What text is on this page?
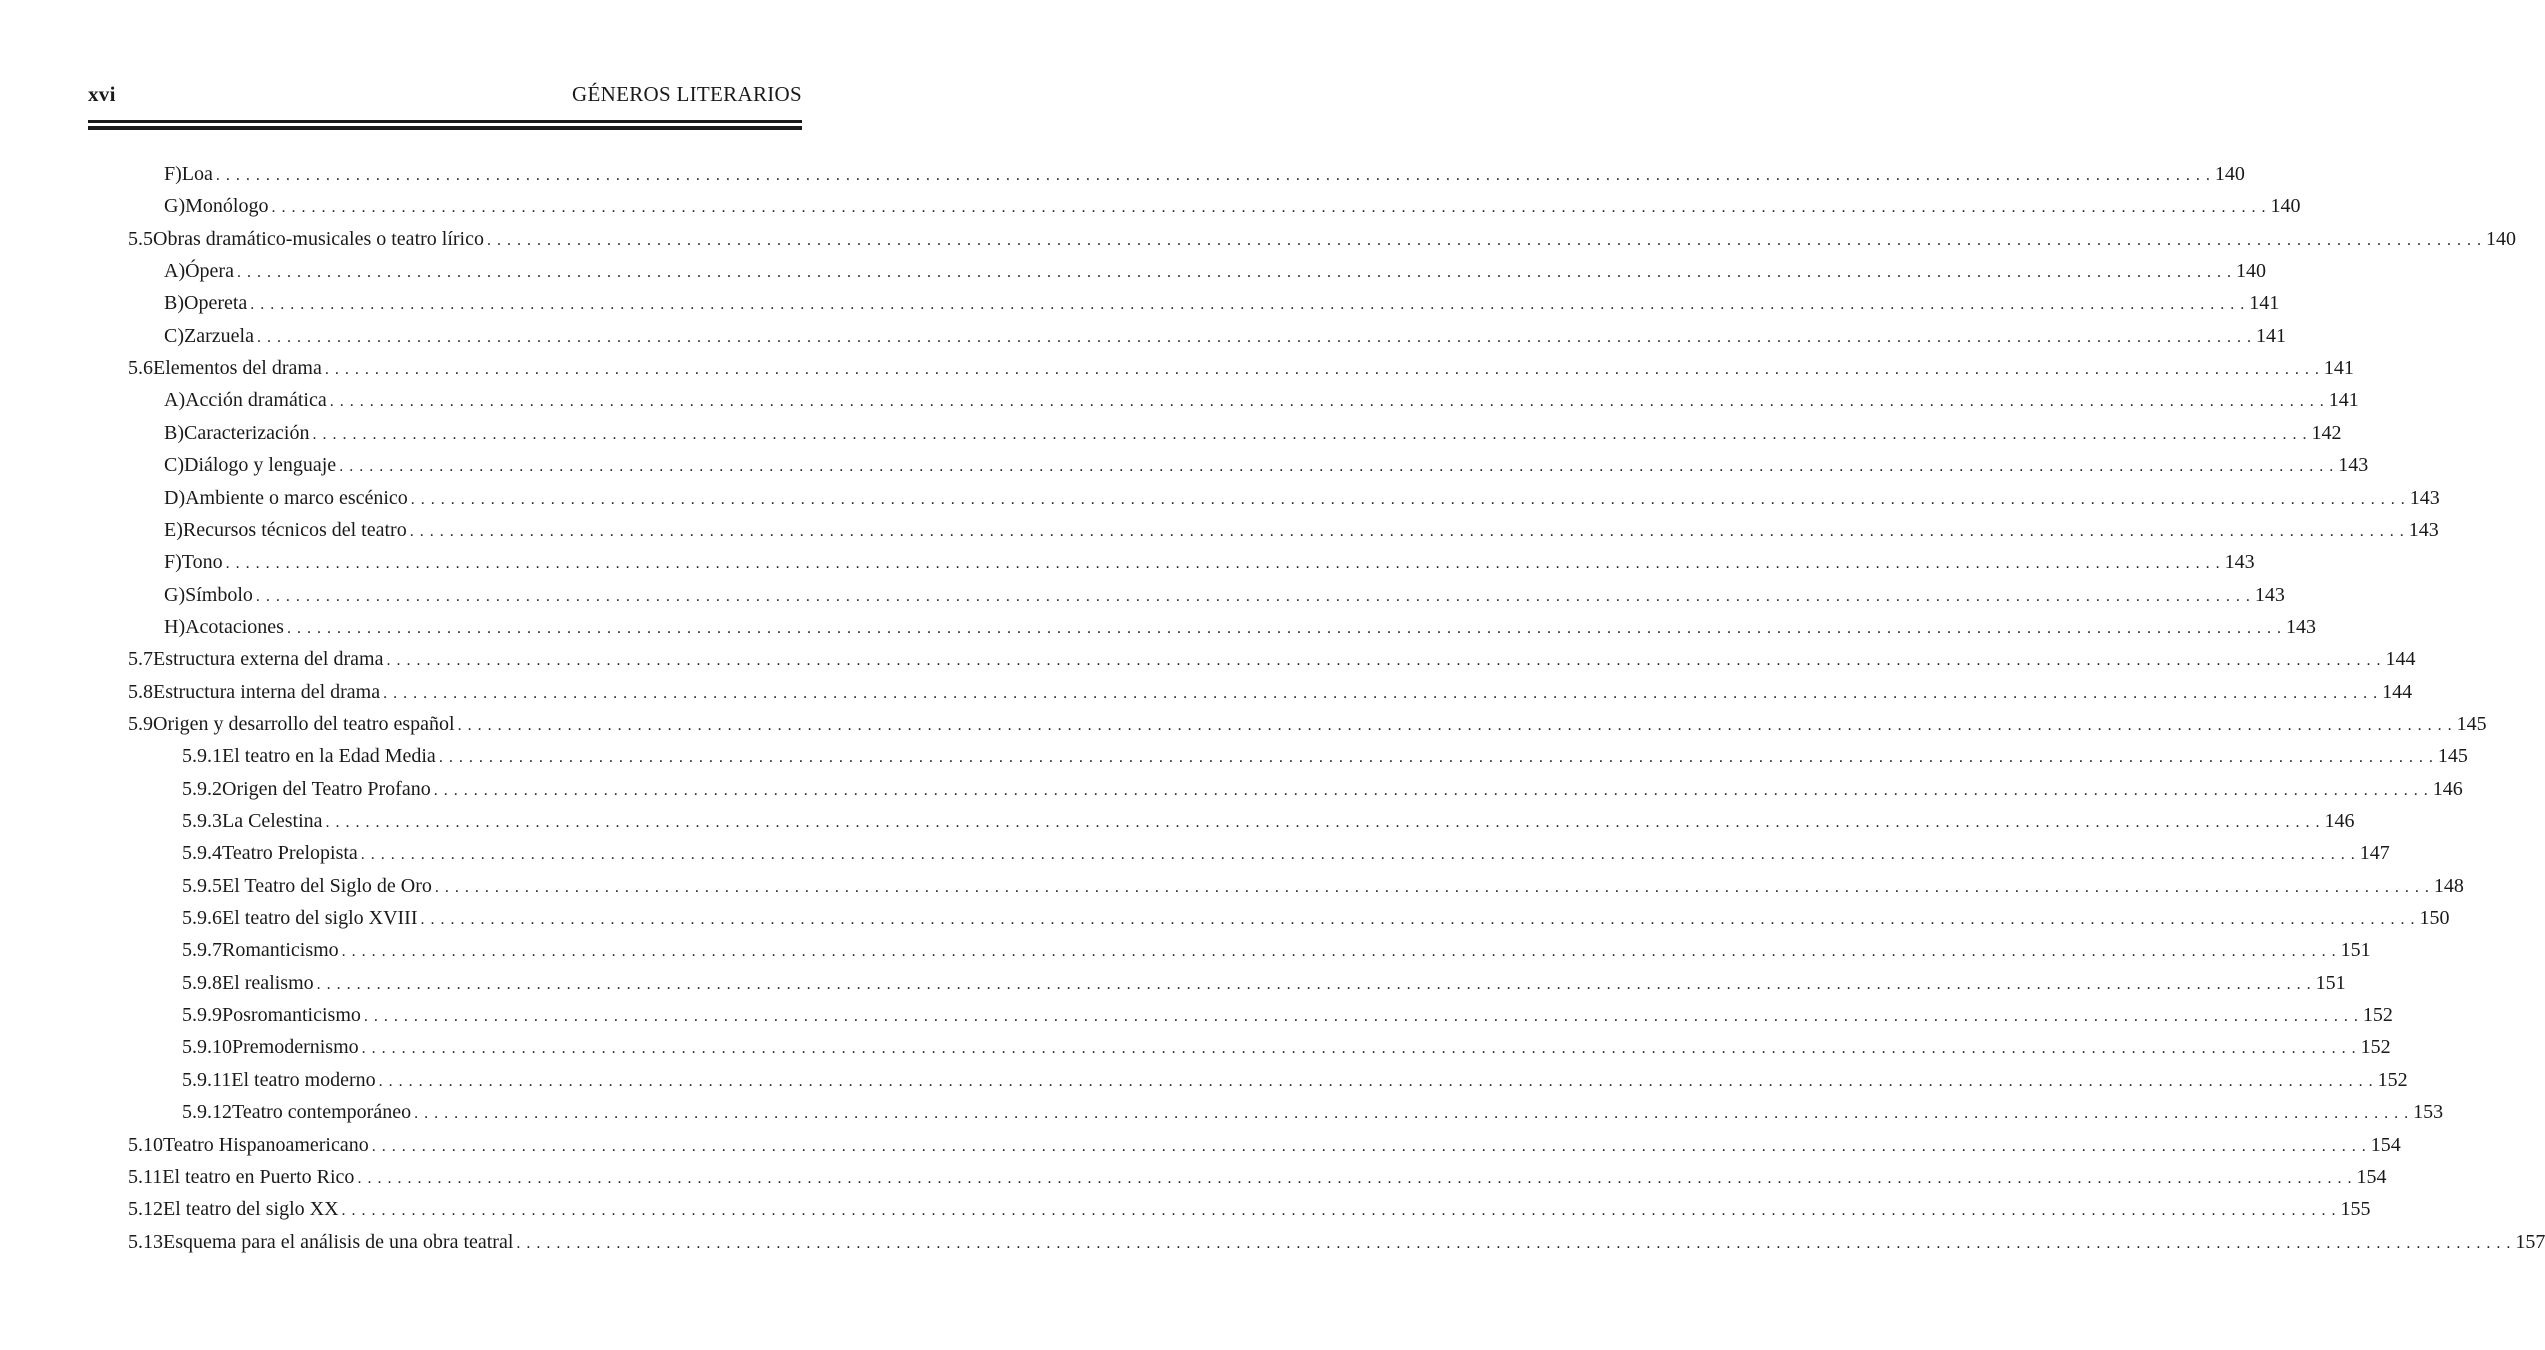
xvi	GÉNEROS LITERARIOS
F) Loa . . . . . . . . . . . . . . . . . . . . . . . . . . . . . . . . . . . . . . . . . . . . . . . . . . . . . . . . . . . . . . . . . . . . . . . . . . . . . . . . . . . . . . . . . . . . . . . . . . . . . . . . . . . . . . . . . . . . . . . . . . . . . . . . . . . . . . . . . . . . . . . . . . . . . . . . . . . . . . . . . . . . . . . . . . . . . . . . . . . . . . . . . . . . . . . . . . . . . . . . 140
G) Monólogo . . . . . . . . . . . . . . . . . . . . . . . . . . . . . . . . . . . . . . . . . . . . . . . . . . . . . . . . . . . . . . . . . . . . . . . . . . . . . . . . . . . . . . . . . . . . . . . . . . . . . . . . . . . . . . . . . . . . . . . . . . . . . . . . . . . . . . . . . . . . . . . . . . . . . . . . . . . . . . . . . . . . . . . . . . . . . . . . . . . . . . . . . . . . . . . . . . . . . . . . 140
5.5 Obras dramático-musicales o teatro lírico . . . . . . . . . . . . . . . . . . . . . . . . . . . . . . . . . . . . . . . . . . . . . . . . . . . . . . . . . . . . . . . . . . . . . . . . . . . . . . . . . . . . . . . . . . . . . . . . . . . . . . . . . . . . . . . . . . . . . . . . . . . . . . . . . . . . . . . . . . . . . . . . . . . . . . . . . . . . . . . . . . . . . . . . . . . . . . . . . . . . . . . . . . . . . . . . . . . . . . . . 140
A) Ópera . . . . . . . . . . . . . . . . . . . . . . . . . . . . . . . . . . . . . . . . . . . . . . . . . . . . . . . . . . . . . . . . . . . . . . . . . . . . . . . . . . . . . . . . . . . . . . . . . . . . . . . . . . . . . . . . . . . . . . . . . . . . . . . . . . . . . . . . . . . . . . . . . . . . . . . . . . . . . . . . . . . . . . . . . . . . . . . . . . . . . . . . . . . . . . . . . . . . . . . . 140
B) Opereta . . . . . . . . . . . . . . . . . . . . . . . . . . . . . . . . . . . . . . . . . . . . . . . . . . . . . . . . . . . . . . . . . . . . . . . . . . . . . . . . . . . . . . . . . . . . . . . . . . . . . . . . . . . . . . . . . . . . . . . . . . . . . . . . . . . . . . . . . . . . . . . . . . . . . . . . . . . . . . . . . . . . . . . . . . . . . . . . . . . . . . . . . . . . . . . . . . . . . . . . 141
C) Zarzuela . . . . . . . . . . . . . . . . . . . . . . . . . . . . . . . . . . . . . . . . . . . . . . . . . . . . . . . . . . . . . . . . . . . . . . . . . . . . . . . . . . . . . . . . . . . . . . . . . . . . . . . . . . . . . . . . . . . . . . . . . . . . . . . . . . . . . . . . . . . . . . . . . . . . . . . . . . . . . . . . . . . . . . . . . . . . . . . . . . . . . . . . . . . . . . . . . . . . . . . . 141
5.6 Elementos del drama . . . . . . . . . . . . . . . . . . . . . . . . . . . . . . . . . . . . . . . . . . . . . . . . . . . . . . . . . . . . . . . . . . . . . . . . . . . . . . . . . . . . . . . . . . . . . . . . . . . . . . . . . . . . . . . . . . . . . . . . . . . . . . . . . . . . . . . . . . . . . . . . . . . . . . . . . . . . . . . . . . . . . . . . . . . . . . . . . . . . . . . . . . . . . . . . . . . . . . . . 141
A) Acción dramática . . . . . . . . . . . . . . . . . . . . . . . . . . . . . . . . . . . . . . . . . . . . . . . . . . . . . . . . . . . . . . . . . . . . . . . . . . . . . . . . . . . . . . . . . . . . . . . . . . . . . . . . . . . . . . . . . . . . . . . . . . . . . . . . . . . . . . . . . . . . . . . . . . . . . . . . . . . . . . . . . . . . . . . . . . . . . . . . . . . . . . . . . . . . . . . . . . . . . . . . 141
B) Caracterización . . . . . . . . . . . . . . . . . . . . . . . . . . . . . . . . . . . . . . . . . . . . . . . . . . . . . . . . . . . . . . . . . . . . . . . . . . . . . . . . . . . . . . . . . . . . . . . . . . . . . . . . . . . . . . . . . . . . . . . . . . . . . . . . . . . . . . . . . . . . . . . . . . . . . . . . . . . . . . . . . . . . . . . . . . . . . . . . . . . . . . . . . . . . . . . . . . . . . . . . 142
C) Diálogo y lenguaje . . . . . . . . . . . . . . . . . . . . . . . . . . . . . . . . . . . . . . . . . . . . . . . . . . . . . . . . . . . . . . . . . . . . . . . . . . . . . . . . . . . . . . . . . . . . . . . . . . . . . . . . . . . . . . . . . . . . . . . . . . . . . . . . . . . . . . . . . . . . . . . . . . . . . . . . . . . . . . . . . . . . . . . . . . . . . . . . . . . . . . . . . . . . . . . . . . . . . . . . 143
D) Ambiente o marco escénico . . . . . . . . . . . . . . . . . . . . . . . . . . . . . . . . . . . . . . . . . . . . . . . . . . . . . . . . . . . . . . . . . . . . . . . . . . . . . . . . . . . . . . . . . . . . . . . . . . . . . . . . . . . . . . . . . . . . . . . . . . . . . . . . . . . . . . . . . . . . . . . . . . . . . . . . . . . . . . . . . . . . . . . . . . . . . . . . . . . . . . . . . . . . . . . . . . . . . . . . 143
E) Recursos técnicos del teatro . . . . . . . . . . . . . . . . . . . . . . . . . . . . . . . . . . . . . . . . . . . . . . . . . . . . . . . . . . . . . . . . . . . . . . . . . . . . . . . . . . . . . . . . . . . . . . . . . . . . . . . . . . . . . . . . . . . . . . . . . . . . . . . . . . . . . . . . . . . . . . . . . . . . . . . . . . . . . . . . . . . . . . . . . . . . . . . . . . . . . . . . . . . . . . . . . . . . . . . . 143
F) Tono . . . . . . . . . . . . . . . . . . . . . . . . . . . . . . . . . . . . . . . . . . . . . . . . . . . . . . . . . . . . . . . . . . . . . . . . . . . . . . . . . . . . . . . . . . . . . . . . . . . . . . . . . . . . . . . . . . . . . . . . . . . . . . . . . . . . . . . . . . . . . . . . . . . . . . . . . . . . . . . . . . . . . . . . . . . . . . . . . . . . . . . . . . . . . . . . . . . . . . . . 143
G) Símbolo . . . . . . . . . . . . . . . . . . . . . . . . . . . . . . . . . . . . . . . . . . . . . . . . . . . . . . . . . . . . . . . . . . . . . . . . . . . . . . . . . . . . . . . . . . . . . . . . . . . . . . . . . . . . . . . . . . . . . . . . . . . . . . . . . . . . . . . . . . . . . . . . . . . . . . . . . . . . . . . . . . . . . . . . . . . . . . . . . . . . . . . . . . . . . . . . . . . . . . . . 143
H) Acotaciones . . . . . . . . . . . . . . . . . . . . . . . . . . . . . . . . . . . . . . . . . . . . . . . . . . . . . . . . . . . . . . . . . . . . . . . . . . . . . . . . . . . . . . . . . . . . . . . . . . . . . . . . . . . . . . . . . . . . . . . . . . . . . . . . . . . . . . . . . . . . . . . . . . . . . . . . . . . . . . . . . . . . . . . . . . . . . . . . . . . . . . . . . . . . . . . . . . . . . . . . 143
5.7 Estructura externa del drama . . . . . . . . . . . . . . . . . . . . . . . . . . . . . . . . . . . . . . . . . . . . . . . . . . . . . . . . . . . . . . . . . . . . . . . . . . . . . . . . . . . . . . . . . . . . . . . . . . . . . . . . . . . . . . . . . . . . . . . . . . . . . . . . . . . . . . . . . . . . . . . . . . . . . . . . . . . . . . . . . . . . . . . . . . . . . . . . . . . . . . . . . . . . . . . . . . . . . . . . 144
5.8 Estructura interna del drama . . . . . . . . . . . . . . . . . . . . . . . . . . . . . . . . . . . . . . . . . . . . . . . . . . . . . . . . . . . . . . . . . . . . . . . . . . . . . . . . . . . . . . . . . . . . . . . . . . . . . . . . . . . . . . . . . . . . . . . . . . . . . . . . . . . . . . . . . . . . . . . . . . . . . . . . . . . . . . . . . . . . . . . . . . . . . . . . . . . . . . . . . . . . . . . . . . . . . . . . 144
5.9 Origen y desarrollo del teatro español . . . . . . . . . . . . . . . . . . . . . . . . . . . . . . . . . . . . . . . . . . . . . . . . . . . . . . . . . . . . . . . . . . . . . . . . . . . . . . . . . . . . . . . . . . . . . . . . . . . . . . . . . . . . . . . . . . . . . . . . . . . . . . . . . . . . . . . . . . . . . . . . . . . . . . . . . . . . . . . . . . . . . . . . . . . . . . . . . . . . . . . . . . . . . . . . . . . . . . . . 145
5.9.1 El teatro en la Edad Media . . . . . . . . . . . . . . . . . . . . . . . . . . . . . . . . . . . . . . . . . . . . . . . . . . . . . . . . . . . . . . . . . . . . . . . . . . . . . . . . . . . . . . . . . . . . . . . . . . . . . . . . . . . . . . . . . . . . . . . . . . . . . . . . . . . . . . . . . . . . . . . . . . . . . . . . . . . . . . . . . . . . . . . . . . . . . . . . . . . . . . . . . . . . . . . . . . . . . . . . 145
5.9.2 Origen del Teatro Profano . . . . . . . . . . . . . . . . . . . . . . . . . . . . . . . . . . . . . . . . . . . . . . . . . . . . . . . . . . . . . . . . . . . . . . . . . . . . . . . . . . . . . . . . . . . . . . . . . . . . . . . . . . . . . . . . . . . . . . . . . . . . . . . . . . . . . . . . . . . . . . . . . . . . . . . . . . . . . . . . . . . . . . . . . . . . . . . . . . . . . . . . . . . . . . . . . . . . . . . . 146
5.9.3 La Celestina . . . . . . . . . . . . . . . . . . . . . . . . . . . . . . . . . . . . . . . . . . . . . . . . . . . . . . . . . . . . . . . . . . . . . . . . . . . . . . . . . . . . . . . . . . . . . . . . . . . . . . . . . . . . . . . . . . . . . . . . . . . . . . . . . . . . . . . . . . . . . . . . . . . . . . . . . . . . . . . . . . . . . . . . . . . . . . . . . . . . . . . . . . . . . . . . . . . . . . . . 146
5.9.4 Teatro Prelopista . . . . . . . . . . . . . . . . . . . . . . . . . . . . . . . . . . . . . . . . . . . . . . . . . . . . . . . . . . . . . . . . . . . . . . . . . . . . . . . . . . . . . . . . . . . . . . . . . . . . . . . . . . . . . . . . . . . . . . . . . . . . . . . . . . . . . . . . . . . . . . . . . . . . . . . . . . . . . . . . . . . . . . . . . . . . . . . . . . . . . . . . . . . . . . . . . . . . . . . . 147
5.9.5 El Teatro del Siglo de Oro . . . . . . . . . . . . . . . . . . . . . . . . . . . . . . . . . . . . . . . . . . . . . . . . . . . . . . . . . . . . . . . . . . . . . . . . . . . . . . . . . . . . . . . . . . . . . . . . . . . . . . . . . . . . . . . . . . . . . . . . . . . . . . . . . . . . . . . . . . . . . . . . . . . . . . . . . . . . . . . . . . . . . . . . . . . . . . . . . . . . . . . . . . . . . . . . . . . . . . . . 148
5.9.6 El teatro del siglo XVIII . . . . . . . . . . . . . . . . . . . . . . . . . . . . . . . . . . . . . . . . . . . . . . . . . . . . . . . . . . . . . . . . . . . . . . . . . . . . . . . . . . . . . . . . . . . . . . . . . . . . . . . . . . . . . . . . . . . . . . . . . . . . . . . . . . . . . . . . . . . . . . . . . . . . . . . . . . . . . . . . . . . . . . . . . . . . . . . . . . . . . . . . . . . . . . . . . . . . . . . . 150
5.9.7 Romanticismo . . . . . . . . . . . . . . . . . . . . . . . . . . . . . . . . . . . . . . . . . . . . . . . . . . . . . . . . . . . . . . . . . . . . . . . . . . . . . . . . . . . . . . . . . . . . . . . . . . . . . . . . . . . . . . . . . . . . . . . . . . . . . . . . . . . . . . . . . . . . . . . . . . . . . . . . . . . . . . . . . . . . . . . . . . . . . . . . . . . . . . . . . . . . . . . . . . . . . . . . 151
5.9.8 El realismo . . . . . . . . . . . . . . . . . . . . . . . . . . . . . . . . . . . . . . . . . . . . . . . . . . . . . . . . . . . . . . . . . . . . . . . . . . . . . . . . . . . . . . . . . . . . . . . . . . . . . . . . . . . . . . . . . . . . . . . . . . . . . . . . . . . . . . . . . . . . . . . . . . . . . . . . . . . . . . . . . . . . . . . . . . . . . . . . . . . . . . . . . . . . . . . . . . . . . . . . 151
5.9.9 Posromanticismo . . . . . . . . . . . . . . . . . . . . . . . . . . . . . . . . . . . . . . . . . . . . . . . . . . . . . . . . . . . . . . . . . . . . . . . . . . . . . . . . . . . . . . . . . . . . . . . . . . . . . . . . . . . . . . . . . . . . . . . . . . . . . . . . . . . . . . . . . . . . . . . . . . . . . . . . . . . . . . . . . . . . . . . . . . . . . . . . . . . . . . . . . . . . . . . . . . . . . . . . 152
5.9.10 Premodernismo . . . . . . . . . . . . . . . . . . . . . . . . . . . . . . . . . . . . . . . . . . . . . . . . . . . . . . . . . . . . . . . . . . . . . . . . . . . . . . . . . . . . . . . . . . . . . . . . . . . . . . . . . . . . . . . . . . . . . . . . . . . . . . . . . . . . . . . . . . . . . . . . . . . . . . . . . . . . . . . . . . . . . . . . . . . . . . . . . . . . . . . . . . . . . . . . . . . . . . . . 152
5.9.11 El teatro moderno . . . . . . . . . . . . . . . . . . . . . . . . . . . . . . . . . . . . . . . . . . . . . . . . . . . . . . . . . . . . . . . . . . . . . . . . . . . . . . . . . . . . . . . . . . . . . . . . . . . . . . . . . . . . . . . . . . . . . . . . . . . . . . . . . . . . . . . . . . . . . . . . . . . . . . . . . . . . . . . . . . . . . . . . . . . . . . . . . . . . . . . . . . . . . . . . . . . . . . . . 152
5.9.12 Teatro contemporáneo . . . . . . . . . . . . . . . . . . . . . . . . . . . . . . . . . . . . . . . . . . . . . . . . . . . . . . . . . . . . . . . . . . . . . . . . . . . . . . . . . . . . . . . . . . . . . . . . . . . . . . . . . . . . . . . . . . . . . . . . . . . . . . . . . . . . . . . . . . . . . . . . . . . . . . . . . . . . . . . . . . . . . . . . . . . . . . . . . . . . . . . . . . . . . . . . . . . . . . . . 153
5.10 Teatro Hispanoamericano . . . . . . . . . . . . . . . . . . . . . . . . . . . . . . . . . . . . . . . . . . . . . . . . . . . . . . . . . . . . . . . . . . . . . . . . . . . . . . . . . . . . . . . . . . . . . . . . . . . . . . . . . . . . . . . . . . . . . . . . . . . . . . . . . . . . . . . . . . . . . . . . . . . . . . . . . . . . . . . . . . . . . . . . . . . . . . . . . . . . . . . . . . . . . . . . . . . . . . . . 154
5.11 El teatro en Puerto Rico . . . . . . . . . . . . . . . . . . . . . . . . . . . . . . . . . . . . . . . . . . . . . . . . . . . . . . . . . . . . . . . . . . . . . . . . . . . . . . . . . . . . . . . . . . . . . . . . . . . . . . . . . . . . . . . . . . . . . . . . . . . . . . . . . . . . . . . . . . . . . . . . . . . . . . . . . . . . . . . . . . . . . . . . . . . . . . . . . . . . . . . . . . . . . . . . . . . . . . . . 154
5.12 El teatro del siglo XX . . . . . . . . . . . . . . . . . . . . . . . . . . . . . . . . . . . . . . . . . . . . . . . . . . . . . . . . . . . . . . . . . . . . . . . . . . . . . . . . . . . . . . . . . . . . . . . . . . . . . . . . . . . . . . . . . . . . . . . . . . . . . . . . . . . . . . . . . . . . . . . . . . . . . . . . . . . . . . . . . . . . . . . . . . . . . . . . . . . . . . . . . . . . . . . . . . . . . . . . 155
5.13 Esquema para el análisis de una obra teatral . . . . . . . . . . . . . . . . . . . . . . . . . . . . . . . . . . . . . . . . . . . . . . . . . . . . . . . . . . . . . . . . . . . . . . . . . . . . . . . . . . . . . . . . . . . . . . . . . . . . . . . . . . . . . . . . . . . . . . . . . . . . . . . . . . . . . . . . . . . . . . . . . . . . . . . . . . . . . . . . . . . . . . . . . . . . . . . . . . . . . . . . . . . . . . . . . . . . . . . . 157
